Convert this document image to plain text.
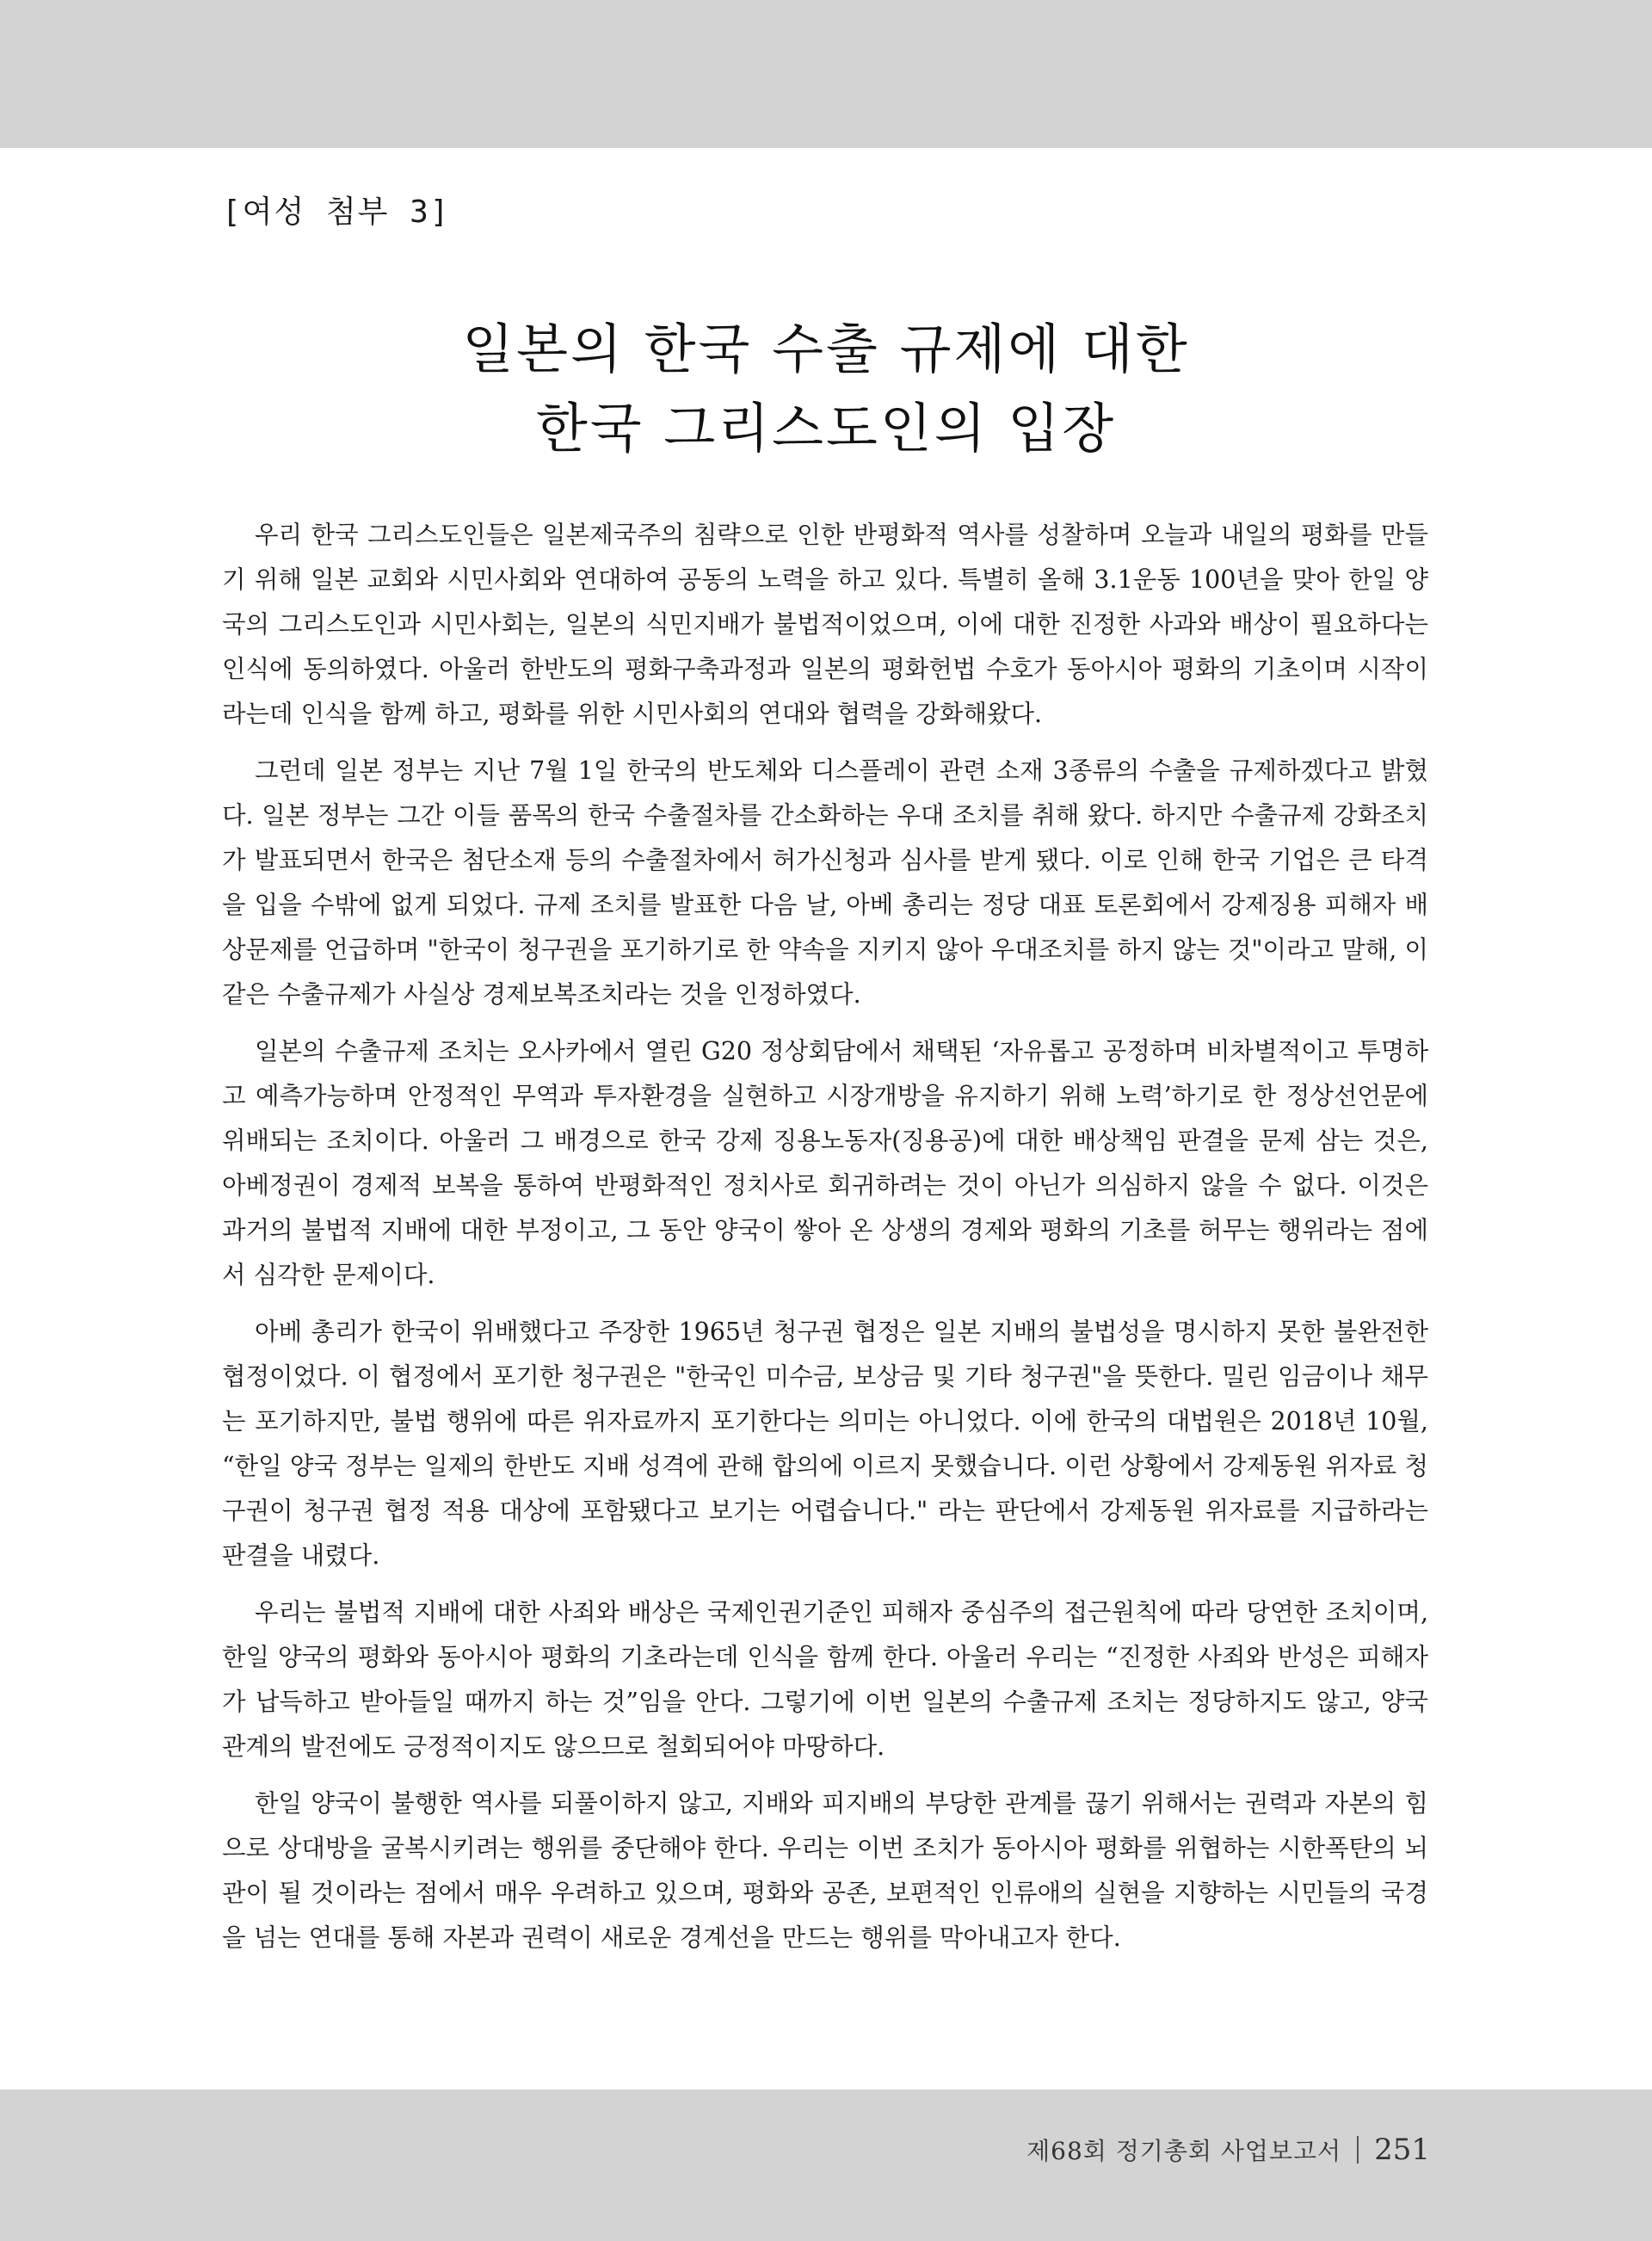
[여성 첨부 3]
일본의 한국 수출 규제에 대한
한국 그리스도인의 입장

우리 한국 그리스도인들은 일본제국주의 침략으로 인한 반평화적 역사를 성찰하며 오늘과 내일의 평화를 만들기 위해 일본 교회와 시민사회와 연대하여 공동의 노력을 하고 있다. 특별히 올해 3.1운동 100년을 맞아 한일 양국의 그리스도인과 시민사회는, 일본의 식민지배가 불법적이었으며, 이에 대한 진정한 사과와 배상이 필요하다는 인식에 동의하였다. 아울러 한반도의 평화구축과정과 일본의 평화헌법 수호가 동아시아 평화의 기초이며 시작이라는데 인식을 함께 하고, 평화를 위한 시민사회의 연대와 협력을 강화해왔다.

그런데 일본 정부는 지난 7월 1일 한국의 반도체와 디스플레이 관련 소재 3종류의 수출을 규제하겠다고 밝혔다. 일본 정부는 그간 이들 품목의 한국 수출절차를 간소화하는 우대 조치를 취해 왔다. 하지만 수출규제 강화조치가 발표되면서 한국은 첨단소재 등의 수출절차에서 허가신청과 심사를 받게 됐다. 이로 인해 한국 기업은 큰 타격을 입을 수밖에 없게 되었다. 규제 조치를 발표한 다음 날, 아베 총리는 정당 대표 토론회에서 강제징용 피해자 배상문제를 언급하며 "한국이 청구권을 포기하기로 한 약속을 지키지 않아 우대조치를 하지 않는 것"이라고 말해, 이 같은 수출규제가 사실상 경제보복조치라는 것을 인정하였다.

일본의 수출규제 조치는 오사카에서 열린 G20 정상회담에서 채택된 ‘자유롭고 공정하며 비차별적이고 투명하고 예측가능하며 안정적인 무역과 투자환경을 실현하고 시장개방을 유지하기 위해 노력’하기로 한 정상선언문에 위배되는 조치이다. 아울러 그 배경으로 한국 강제 징용노동자(징용공)에 대한 배상책임 판결을 문제 삼는 것은, 아베정권이 경제적 보복을 통하여 반평화적인 정치사로 회귀하려는 것이 아닌가 의심하지 않을 수 없다. 이것은 과거의 불법적 지배에 대한 부정이고, 그 동안 양국이 쌓아 온 상생의 경제와 평화의 기초를 허무는 행위라는 점에서 심각한 문제이다.

아베 총리가 한국이 위배했다고 주장한 1965년 청구권 협정은 일본 지배의 불법성을 명시하지 못한 불완전한 협정이었다. 이 협정에서 포기한 청구권은 "한국인 미수금, 보상금 및 기타 청구권"을 뜻한다. 밀린 임금이나 채무는 포기하지만, 불법 행위에 따른 위자료까지 포기한다는 의미는 아니었다. 이에 한국의 대법원은 2018년 10월, “한일 양국 정부는 일제의 한반도 지배 성격에 관해 합의에 이르지 못했습니다. 이런 상황에서 강제동원 위자료 청구권이 청구권 협정 적용 대상에 포함됐다고 보기는 어렵습니다." 라는 판단에서 강제동원 위자료를 지급하라는 판결을 내렸다.

우리는 불법적 지배에 대한 사죄와 배상은 국제인권기준인 피해자 중심주의 접근원칙에 따라 당연한 조치이며, 한일 양국의 평화와 동아시아 평화의 기초라는데 인식을 함께 한다. 아울러 우리는 “진정한 사죄와 반성은 피해자가 납득하고 받아들일 때까지 하는 것”임을 안다. 그렇기에 이번 일본의 수출규제 조치는 정당하지도 않고, 양국 관계의 발전에도 긍정적이지도 않으므로 철회되어야 마땅하다.

한일 양국이 불행한 역사를 되풀이하지 않고, 지배와 피지배의 부당한 관계를 끊기 위해서는 권력과 자본의 힘으로 상대방을 굴복시키려는 행위를 중단해야 한다. 우리는 이번 조치가 동아시아 평화를 위협하는 시한폭탄의 뇌관이 될 것이라는 점에서 매우 우려하고 있으며, 평화와 공존, 보편적인 인류애의 실현을 지향하는 시민들의 국경을 넘는 연대를 통해 자본과 권력이 새로운 경계선을 만드는 행위를 막아내고자 한다.

제68회 정기총회 사업보고서 251
